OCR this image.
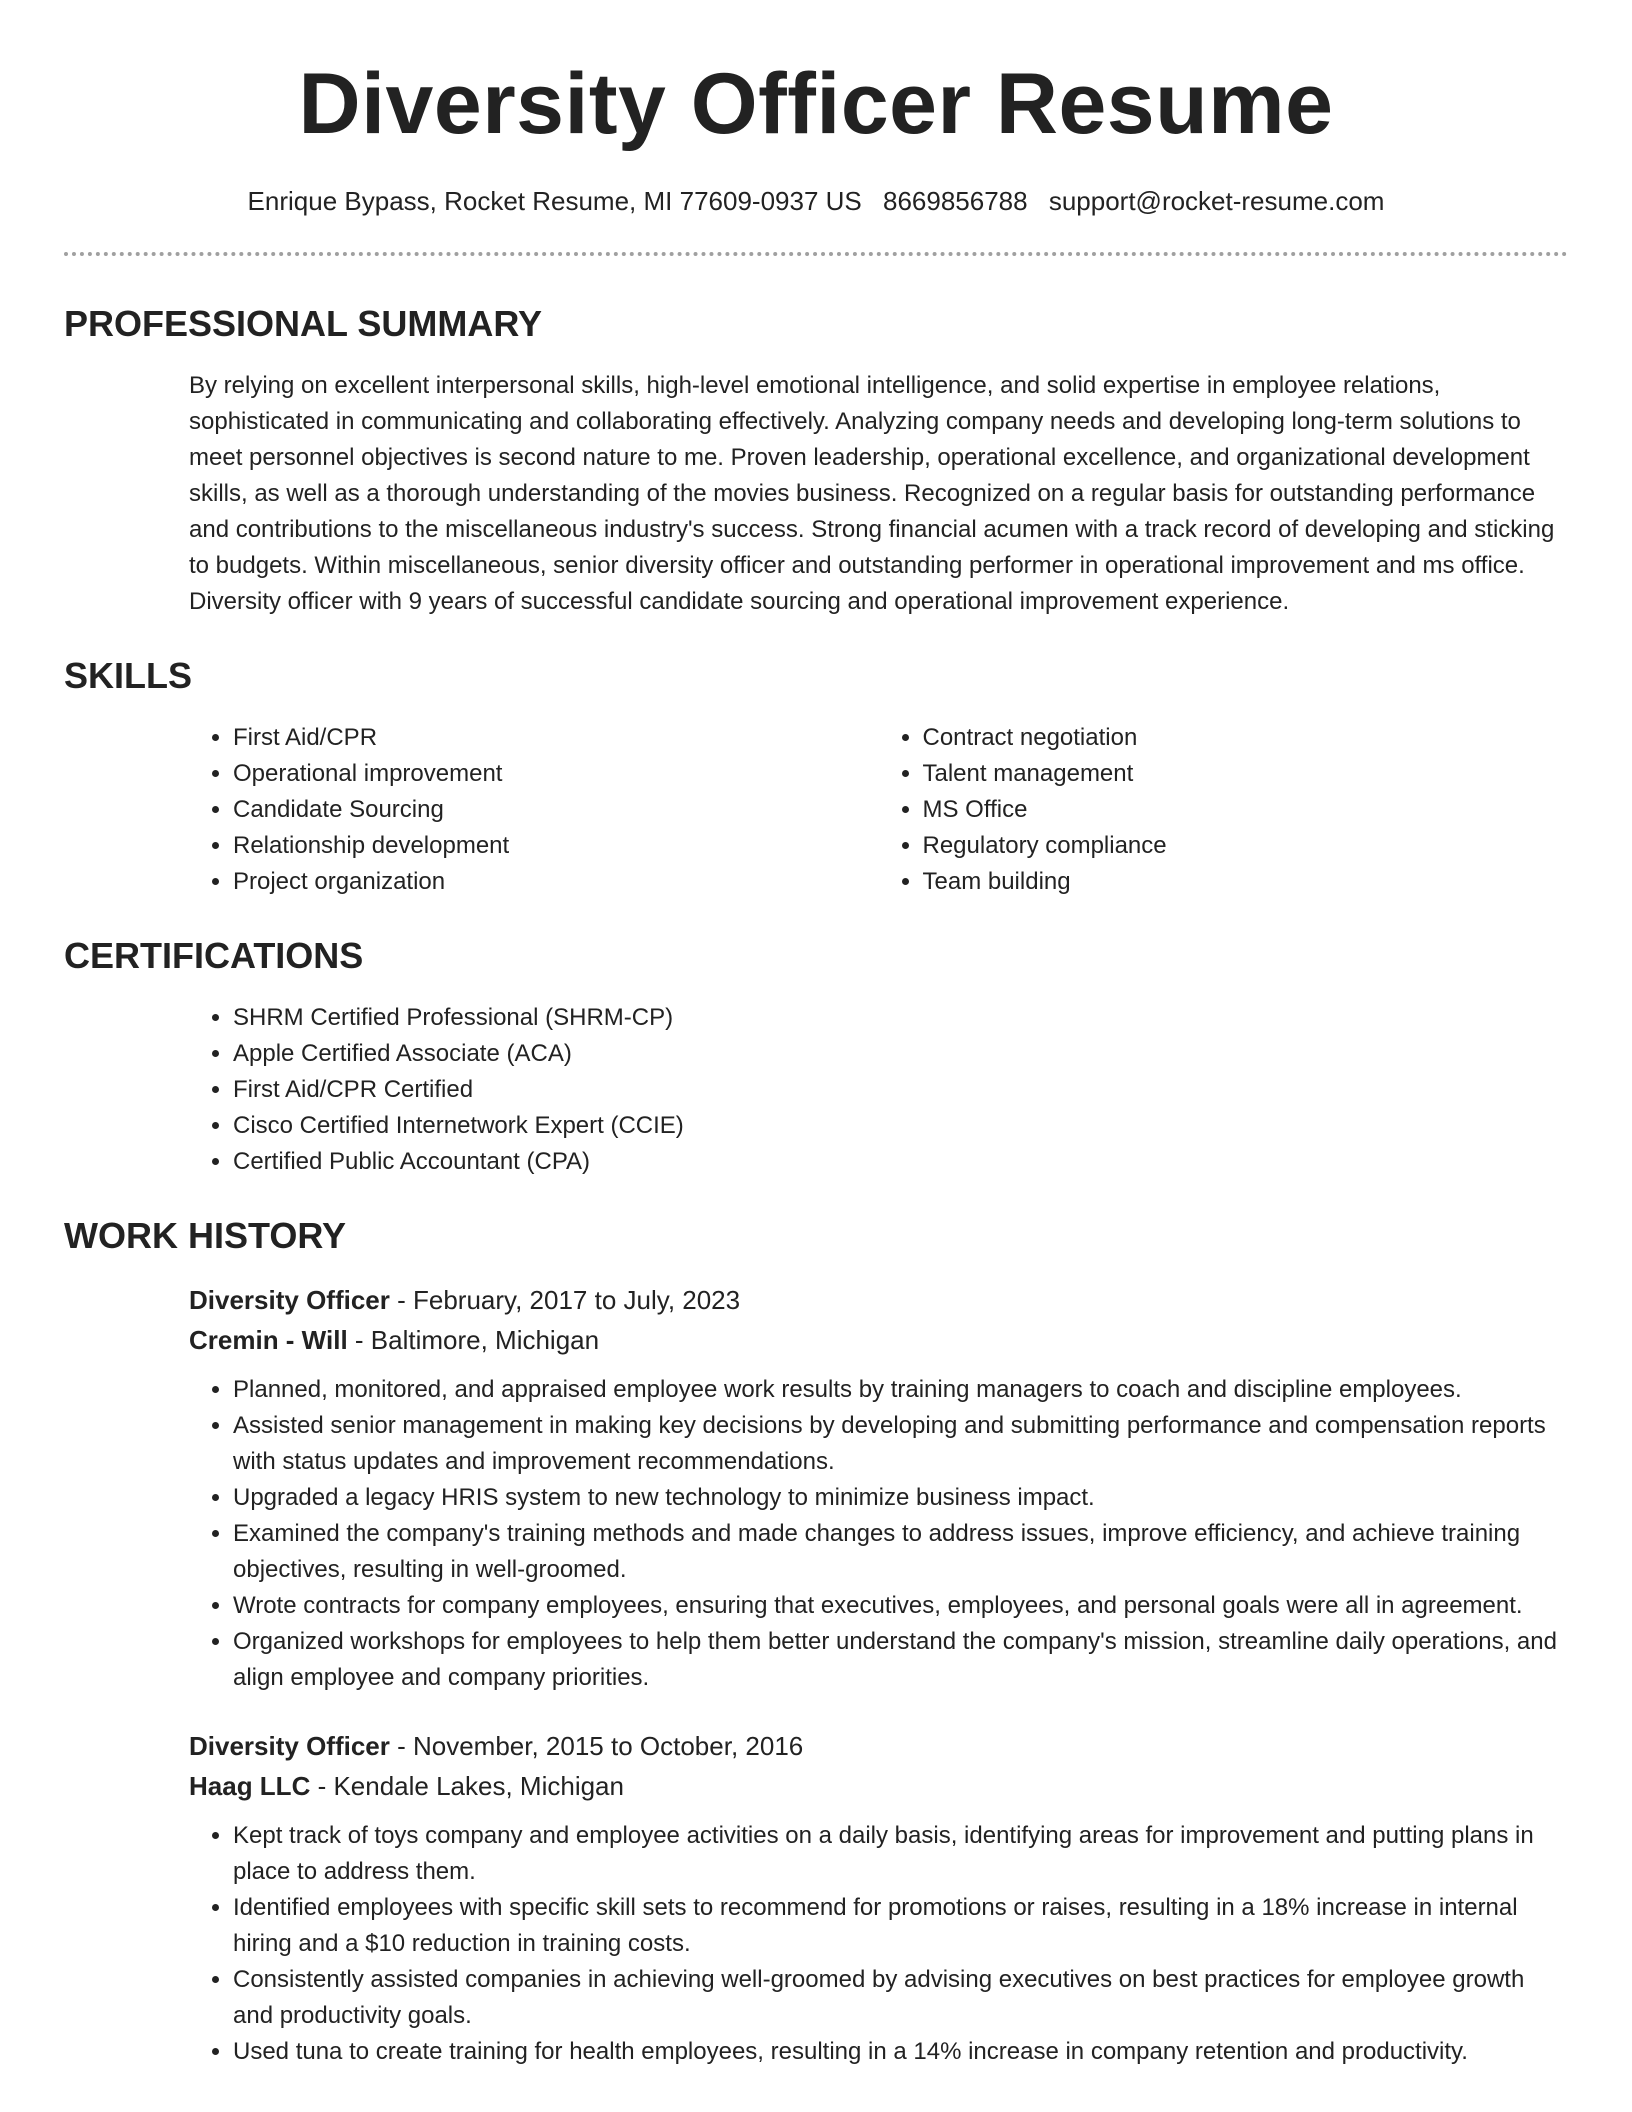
Diversity Officer Resume
Enrique Bypass, Rocket Resume, MI 77609-0937 US 8669856788 support@rocket-resume.com
PROFESSIONAL SUMMARY

By relying on excellent interpersonal skills, high-level emotional intelligence, and solid expertise in employee relations, sophisticated in communicating and collaborating effectively. Analyzing company needs and developing long-term solutions to meet personnel objectives is second nature to me. Proven leadership, operational excellence, and organizational development skills, as well as a thorough understanding of the movies business. Recognized on a regular basis for outstanding performance and contributions to the miscellaneous industry's success. Strong financial acumen with a track record of developing and sticking to budgets. Within miscellaneous, senior diversity officer and outstanding performer in operational improvement and ms office. Diversity officer with 9 years of successful candidate sourcing and operational improvement experience.

SKILLS
• First Aid/CPR
• Operational improvement
• Candidate Sourcing
• Relationship development
• Project organization
• Contract negotiation
• Talent management
• MS Office
• Regulatory compliance
• Team building
CERTIFICATIONS
• SHRM Certified Professional (SHRM-CP)
• Apple Certified Associate (ACA)
• First Aid/CPR Certified
• Cisco Certified Internetwork Expert (CCIE)
• Certified Public Accountant (CPA)
WORK HISTORY
Diversity Officer - February, 2017 to July, 2023
Cremin - Will - Baltimore, Michigan
• Planned, monitored, and appraised employee work results by training managers to coach and discipline employees.
• Assisted senior management in making key decisions by developing and submitting performance and compensation reports with status updates and improvement recommendations.
• Upgraded a legacy HRIS system to new technology to minimize business impact.
• Examined the company's training methods and made changes to address issues, improve efficiency, and achieve training objectives, resulting in well-groomed.
• Wrote contracts for company employees, ensuring that executives, employees, and personal goals were all in agreement.
• Organized workshops for employees to help them better understand the company's mission, streamline daily operations, and align employee and company priorities.
Diversity Officer - November, 2015 to October, 2016
Haag LLC - Kendale Lakes, Michigan
• Kept track of toys company and employee activities on a daily basis, identifying areas for improvement and putting plans in place to address them.
• Identified employees with specific skill sets to recommend for promotions or raises, resulting in a 18% increase in internal hiring and a $10 reduction in training costs.
• Consistently assisted companies in achieving well-groomed by advising executives on best practices for employee growth and productivity goals.
• Used tuna to create training for health employees, resulting in a 14% increase in company retention and productivity.
